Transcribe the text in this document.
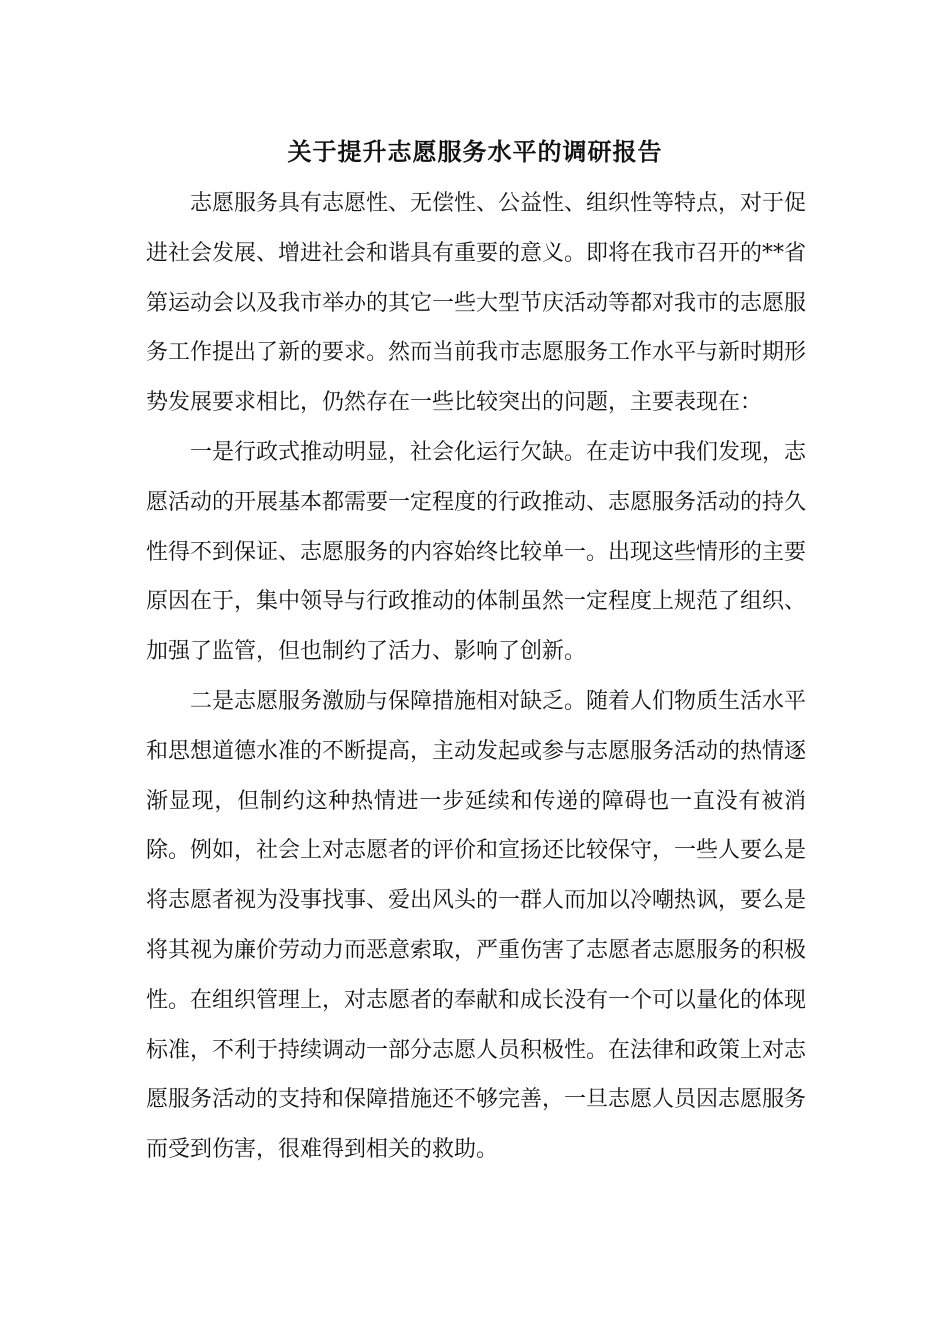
关于提升志愿服务水平的调研报告

志愿服务具有志愿性、无偿性、公益性、组织性等特点，对于促进社会发展、增进社会和谐具有重要的意义。即将在我市召开的**省第运动会以及我市举办的其它一些大型节庆活动等都对我市的志愿服务工作提出了新的要求。然而当前我市志愿服务工作水平与新时期形势发展要求相比，仍然存在一些比较突出的问题，主要表现在：

一是行政式推动明显，社会化运行欠缺。在走访中我们发现，志愿活动的开展基本都需要一定程度的行政推动、志愿服务活动的持久性得不到保证、志愿服务的内容始终比较单一。出现这些情形的主要原因在于，集中领导与行政推动的体制虽然一定程度上规范了组织、加强了监管，但也制约了活力、影响了创新。

二是志愿服务激励与保障措施相对缺乏。随着人们物质生活水平和思想道德水准的不断提高，主动发起或参与志愿服务活动的热情逐渐显现，但制约这种热情进一步延续和传递的障碍也一直没有被消除。例如，社会上对志愿者的评价和宣扬还比较保守，一些人要么是将志愿者视为没事找事、爱出风头的一群人而加以冷嘲热讽，要么是将其视为廉价劳动力而恶意索取，严重伤害了志愿者志愿服务的积极性。在组织管理上，对志愿者的奉献和成长没有一个可以量化的体现标准，不利于持续调动一部分志愿人员积极性。在法律和政策上对志愿服务活动的支持和保障措施还不够完善，一旦志愿人员因志愿服务而受到伤害，很难得到相关的救助。
